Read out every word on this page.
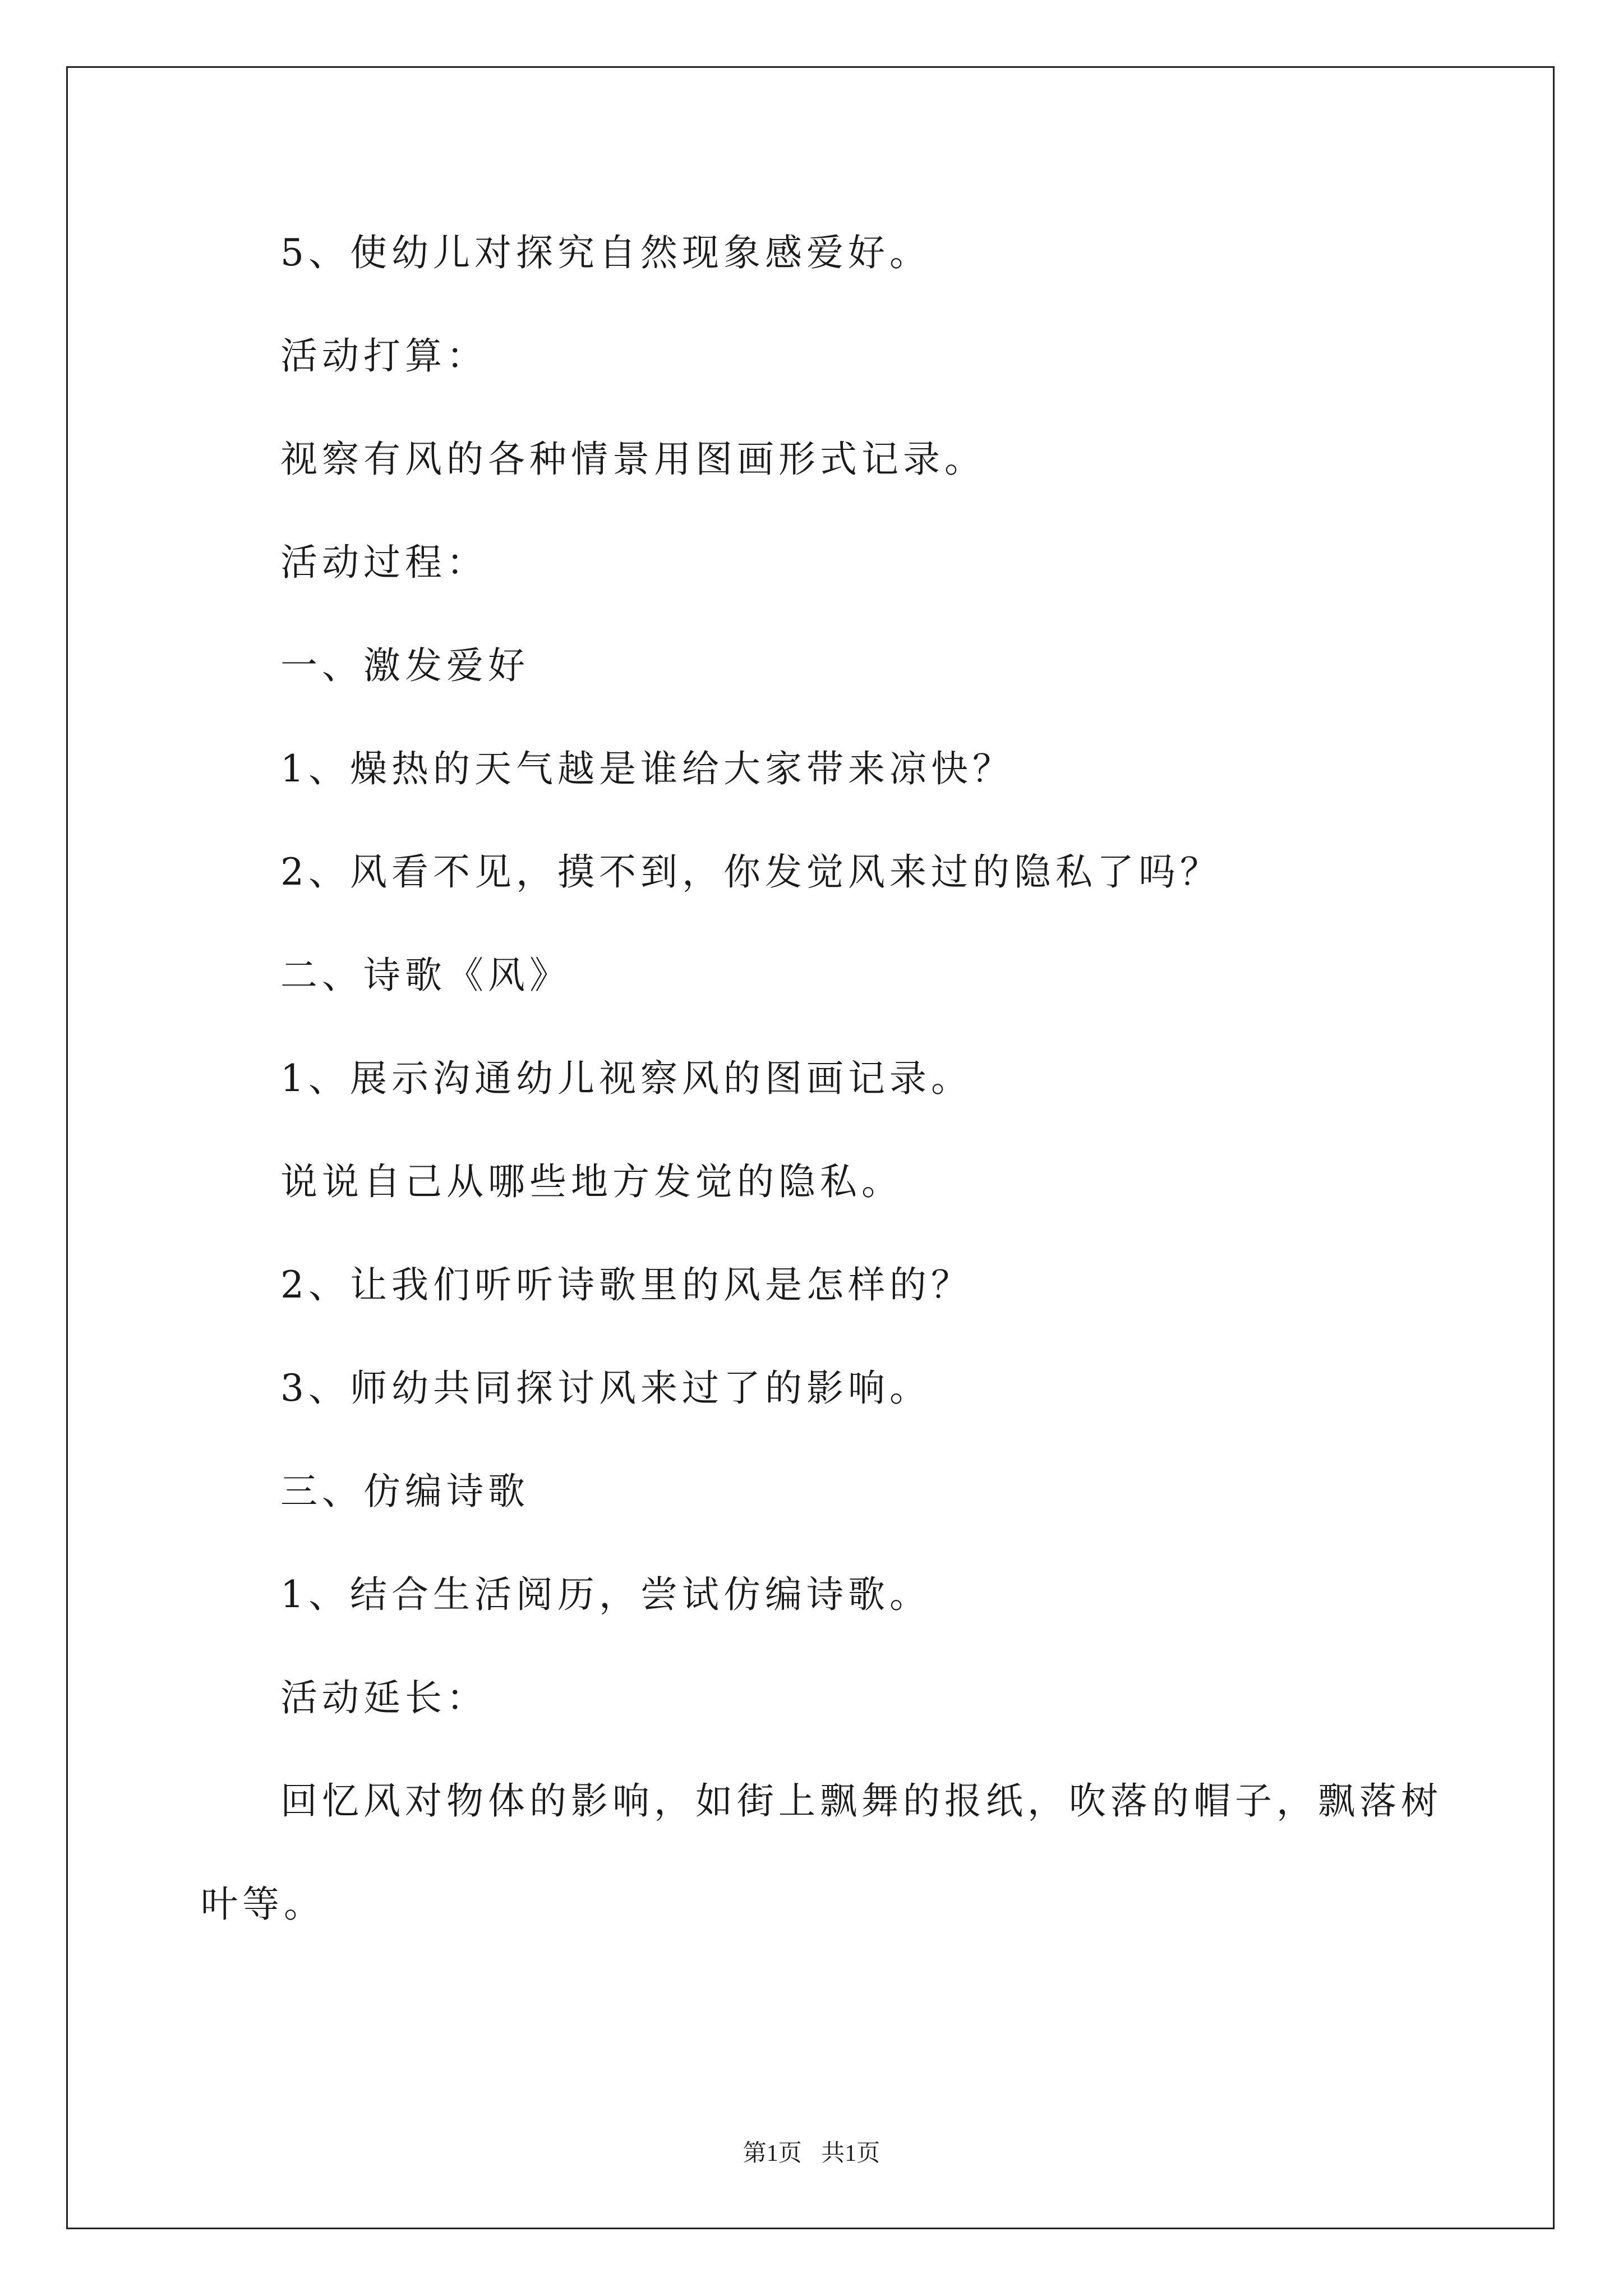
5、使幼儿对探究自然现象感爱好。
活动打算：
视察有风的各种情景用图画形式记录。
活动过程：
一、激发爱好
1、燥热的天气越是谁给大家带来凉快？
2、风看不见，摸不到，你发觉风来过的隐私了吗？
二、诗歌《风》
1、展示沟通幼儿视察风的图画记录。
说说自己从哪些地方发觉的隐私。
2、让我们听听诗歌里的风是怎样的？
3、师幼共同探讨风来过了的影响。
三、仿编诗歌
1、结合生活阅历，尝试仿编诗歌。
活动延长：
回忆风对物体的影响，如街上飘舞的报纸，吹落的帽子，飘落树
叶等。
第1页 共1页
